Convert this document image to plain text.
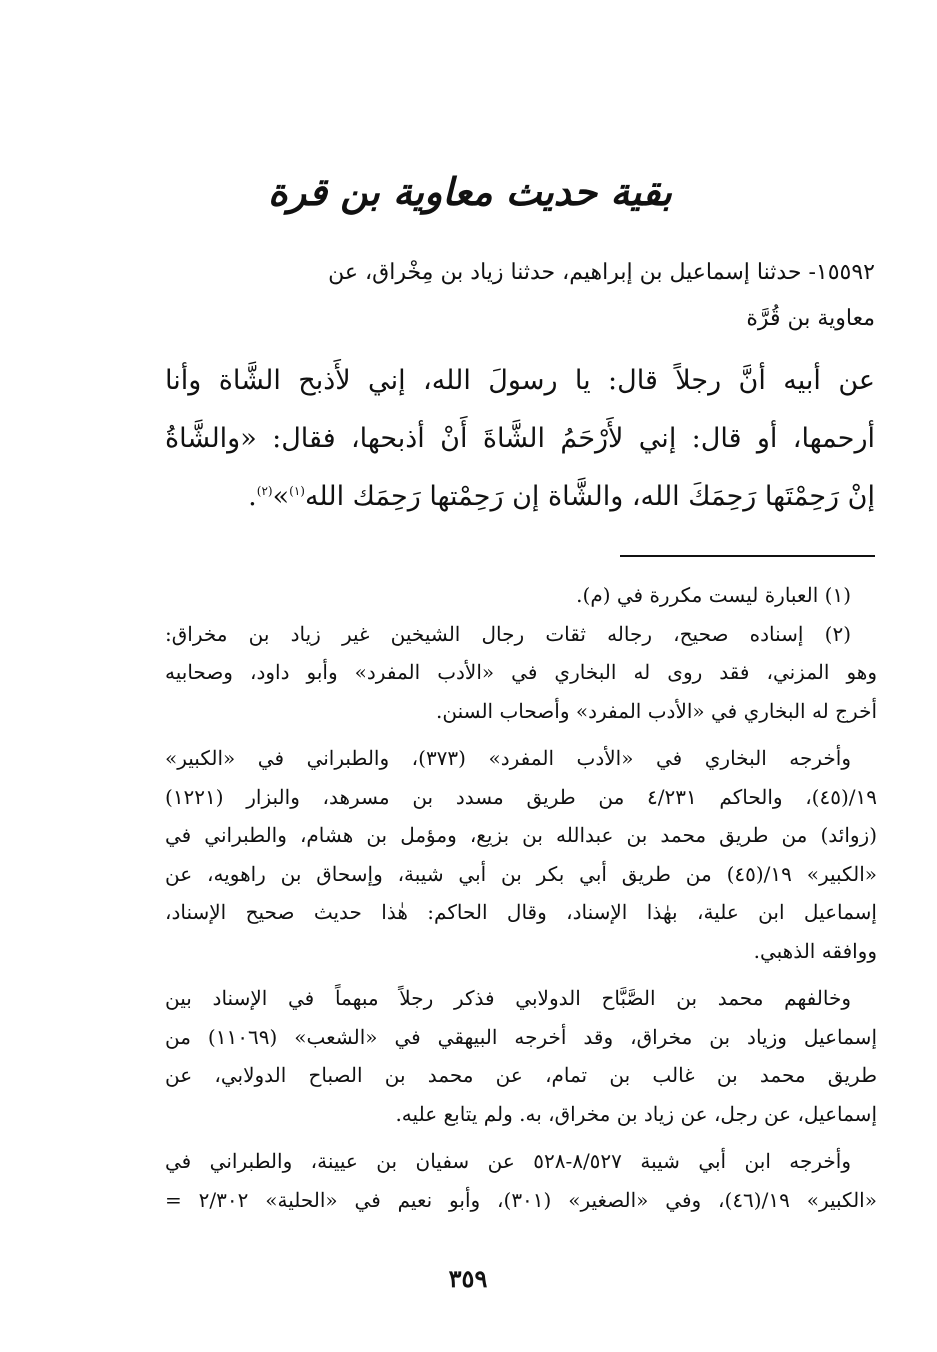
بقية حديث معاوية بن قرة
١٥٥٩٢- حدثنا إسماعيل بن إبراهيم، حدثنا زياد بن مِخْراق، عن
معاوية بن قُرَّة
عن أبيه أنَّ رجلاً قال: يا رسولَ الله، إني لأَذبح الشَّاة وأنا
أرحمها، أو قال: إني لأَرْحَمُ الشَّاةَ أَنْ أذبحها، فقال: «والشَّاةُ
إنْ رَحِمْتَها رَحِمَكَ الله، والشَّاة إن رَحِمْتها رَحِمَك الله$^{(١)}$»$^{(٢)}$.
(١) العبارة ليست مكررة في (م).
(٢) إسناده صحيح، رجاله ثقات رجال الشيخين غير زياد بن مخراق:
وهو المزني، فقد روى له البخاري في «الأدب المفرد» وأبو داود، وصحابيه
أخرج له البخاري في «الأدب المفرد» وأصحاب السنن.
وأخرجه البخاري في «الأدب المفرد» (٣٧٣)، والطبراني في «الكبير»
١٩/(٤٥)، والحاكم ٤/٢٣١ من طريق مسدد بن مسرهد، والبزار (١٢٢١)
(زوائد) من طريق محمد بن عبدالله بن بزيع، ومؤمل بن هشام، والطبراني في
«الكبير» ١٩/(٤٥) من طريق أبي بكر بن أبي شيبة، وإسحاق بن راهويه، عن
إسماعيل ابن علية، بهٰذا الإسناد، وقال الحاكم: هٰذا حديث صحيح الإسناد،
ووافقه الذهبي.
وخالفهم محمد بن الصَّبَّاح الدولابي فذكر رجلاً مبهماً في الإسناد بين
إسماعيل وزياد بن مخراق، وقد أخرجه البيهقي في «الشعب» (١١٠٦٩) من
طريق محمد بن غالب بن تمام، عن محمد بن الصباح الدولابي، عن
إسماعيل، عن رجل، عن زياد بن مخراق، به. ولم يتابع عليه.
وأخرجه ابن أبي شيبة ٨/٥٢٧-٥٢٨ عن سفيان بن عيينة، والطبراني في
«الكبير» ١٩/(٤٦)، وفي «الصغير» (٣٠١)، وأبو نعيم في «الحلية» ٢/٣٠٢ =
٣٥٩
